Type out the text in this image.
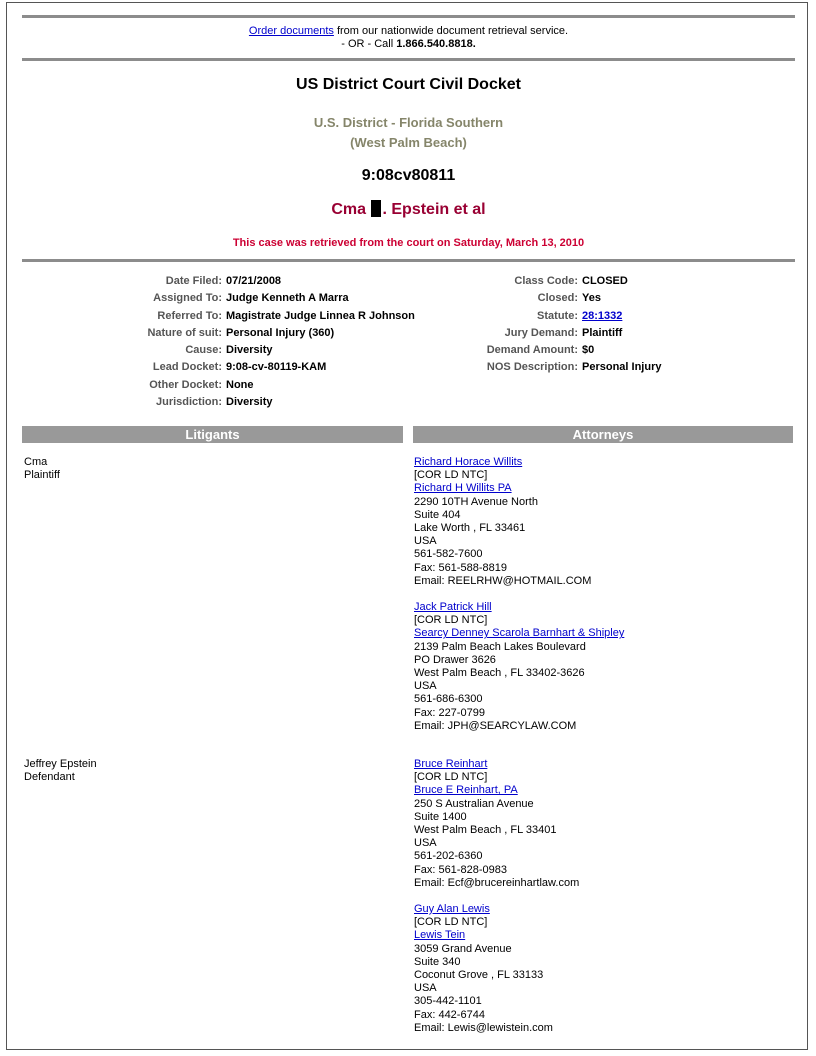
Order documents from our nationwide document retrieval service.
- OR - Call 1.866.540.8818.
US District Court Civil Docket
U.S. District - Florida Southern
(West Palm Beach)
9:08cv80811
Cma . Epstein et al
This case was retrieved from the court on Saturday, March 13, 2010
Date Filed: 07/21/2008
Assigned To: Judge Kenneth A Marra
Referred To: Magistrate Judge Linnea R Johnson
Nature of suit: Personal Injury (360)
Cause: Diversity
Lead Docket: 9:08-cv-80119-KAM
Other Docket: None
Jurisdiction: Diversity
Class Code: CLOSED
Closed: Yes
Statute: 28:1332
Jury Demand: Plaintiff
Demand Amount: $0
NOS Description: Personal Injury
Litigants	Attorneys
Cma
Plaintiff
Jeffrey Epstein
Defendant
Richard Horace Willits
[COR LD NTC]
Richard H Willits PA
2290 10TH Avenue North
Suite 404
Lake Worth , FL 33461
USA
561-582-7600
Fax: 561-588-8819
Email: REELRHW@HOTMAIL.COM
Jack Patrick Hill
[COR LD NTC]
Searcy Denney Scarola Barnhart & Shipley
2139 Palm Beach Lakes Boulevard
PO Drawer 3626
West Palm Beach , FL 33402-3626
USA
561-686-6300
Fax: 227-0799
Email: JPH@SEARCYLAW.COM
Bruce Reinhart
[COR LD NTC]
Bruce E Reinhart, PA
250 S Australian Avenue
Suite 1400
West Palm Beach , FL 33401
USA
561-202-6360
Fax: 561-828-0983
Email: Ecf@brucereinhartlaw.com
Guy Alan Lewis
[COR LD NTC]
Lewis Tein
3059 Grand Avenue
Suite 340
Coconut Grove , FL 33133
USA
305-442-1101
Fax: 442-6744
Email: Lewis@lewistein.com
